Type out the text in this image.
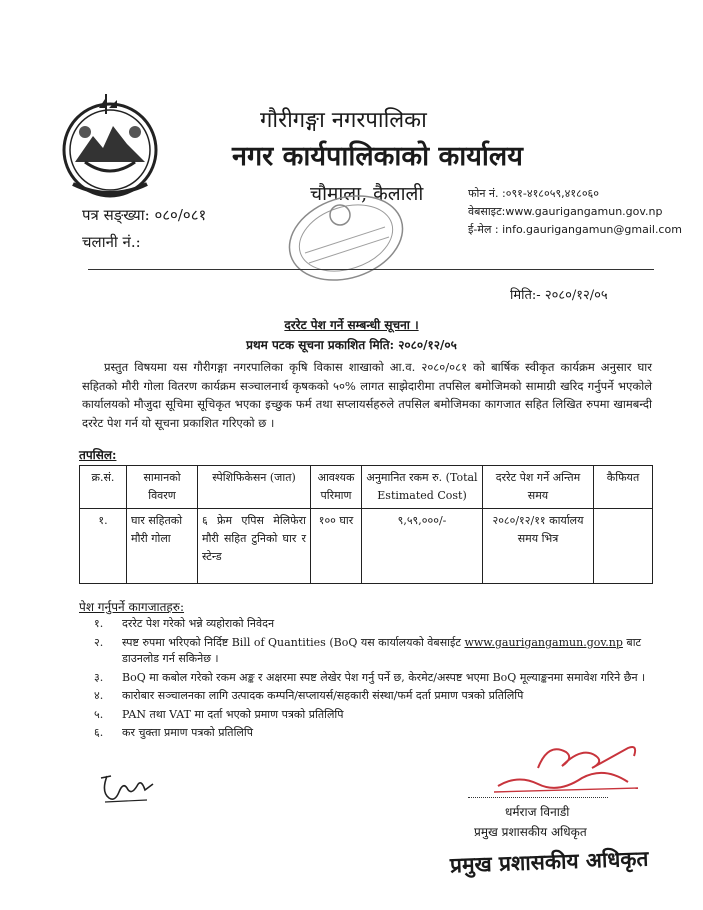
गौरीगङ्गा नगरपालिका
नगर कार्यपालिकाको कार्यालय
चौमाला, कैलाली	फोन नं. :०९१-४१८०५९,४१८०६०
वेबसाइट:www.gaurigangamun.gov.np
ई-मेल : info.gaurigangamun@gmail.com
पत्र सङ्ख्या: ०८०/०८१
चलानी नं.:
मिति:- २०८०/१२/०५
दररेट पेश गर्ने सम्बन्धी सूचना ।
प्रथम पटक सूचना प्रकाशित मिति: २०८०/१२/०५
प्रस्तुत विषयमा यस गौरीगङ्गा नगरपालिका कृषि विकास शाखाको आ.व. २०८०/०८१ को बार्षिक स्वीकृत कार्यक्रम अनुसार घार सहितको मौरी गोला वितरण कार्यक्रम सञ्चालनार्थ कृषकको ५०% लागत साझेदारीमा तपसिल बमोजिमको सामाग्री खरिद गर्नुपर्ने भएकोले कार्यालयको मौजुदा सूचिमा सूचिकृत भएका इच्छुक फर्म तथा सप्लायर्सहरुले तपसिल बमोजिमका कागजात सहित लिखित रुपमा खामबन्दी दररेट पेश गर्न यो सूचना प्रकाशित गरिएको छ ।
तपसिल:
क्र.सं.	सामानको विवरण	स्पेशिफिकेसन (जात)	आवश्यक परिमाण	अनुमानित रकम रु. (Total Estimated Cost)	दररेट पेश गर्ने अन्तिम समय	कैफियत
१.	घार सहितको मौरी गोला	६ फ्रेम एपिस मेलिफेरा मौरी सहित टुनिको घार र स्टेन्ड	१०० घार	९,५९,०००/-	२०८०/१२/११ कार्यालय समय भित्र	
पेश गर्नुपर्ने कागजातहरु:
१.	दररेट पेश गरेको भन्ने व्यहोराको निवेदन
२.	स्पष्ट रुपमा भरिएको निर्दिष्ट Bill of Quantities (BoQ यस कार्यालयको वेबसाईट www.gaurigangamun.gov.np बाट डाउनलोड गर्न सकिनेछ ।
३.	BoQ मा कबोल गरेको रकम अङ्क र अक्षरमा स्पष्ट लेखेर पेश गर्नु पर्ने छ, केरमेट/अस्पष्ट भएमा BoQ मूल्याङ्कनमा समावेश गरिने छैन ।
४.	कारोबार सञ्चालनका लागि उत्पादक कम्पनि/सप्लायर्स/सहकारी संस्था/फर्म दर्ता प्रमाण पत्रको प्रतिलिपि
५.	PAN तथा VAT मा दर्ता भएको प्रमाण पत्रको प्रतिलिपि
६.	कर चुक्ता प्रमाण पत्रको प्रतिलिपि
धर्मराज विनाडी
प्रमुख प्रशासकीय अधिकृत
प्रमुख प्रशासकीय अधिकृत
